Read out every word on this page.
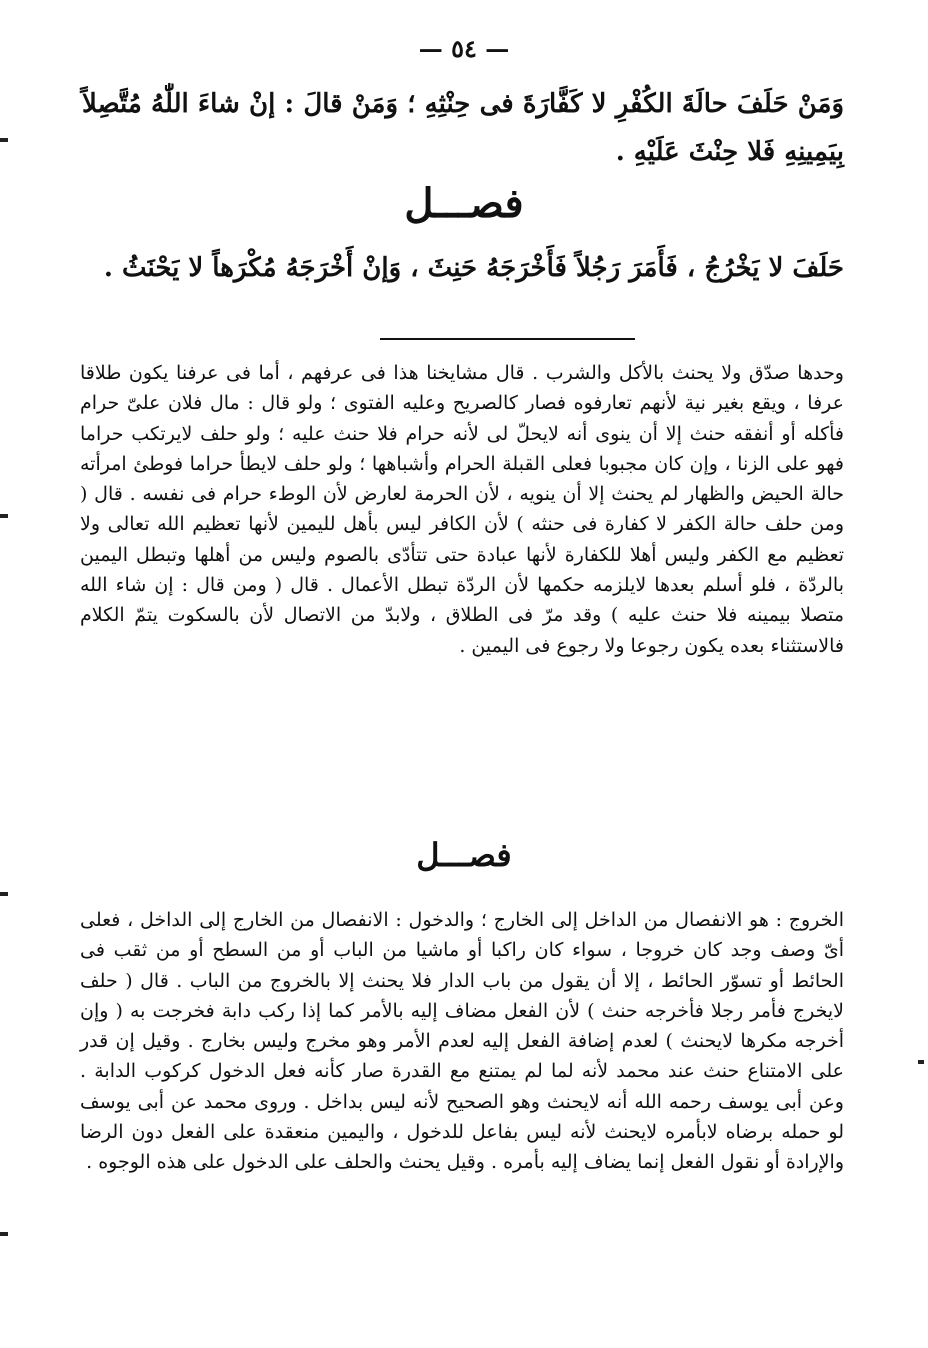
— ٥٤ —

وَمَنْ حَلَفَ حالَةَ الكُفْرِ لا كَفَّارَةَ فى حِنْثِهِ ؛ وَمَنْ قالَ : إنْ شاءَ اللّٰهُ مُتَّصِلاً بِيَمِينِهِ فَلا حِنْثَ عَلَيْهِ .

فصـــل

حَلَفَ لا يَخْرُجُ ، فَأَمَرَ رَجُلاً فَأَخْرَجَهُ حَنِثَ ، وَإنْ أَخْرَجَهُ مُكْرَهاً لا يَحْنَثُ .

وحدها صدّق ولا يحنث بالأكل والشرب . قال مشايخنا هذا فى عرفهم ، أما فى عرفنا يكون طلاقا عرفا ، ويقع بغير نية لأنهم تعارفوه فصار كالصريح وعليه الفتوى ؛ ولو قال : مال فلان علىّ حرام فأكله أو أنفقه حنث إلا أن ينوى أنه لايحلّ لى لأنه حرام فلا حنث عليه ؛ ولو حلف لايرتكب حراما فهو على الزنا ، وإن كان مجبوبا فعلى القبلة الحرام وأشباهها ؛ ولو حلف لايطأ حراما فوطئ امرأته حالة الحيض والظهار لم يحنث إلا أن ينويه ، لأن الحرمة لعارض لأن الوطء حرام فى نفسه . قال ( ومن حلف حالة الكفر لا كفارة فى حنثه ) لأن الكافر ليس بأهل لليمين لأنها تعظيم الله تعالى ولا تعظيم مع الكفر وليس أهلا للكفارة لأنها عبادة حتى تتأدّى بالصوم وليس من أهلها وتبطل اليمين بالردّة ، فلو أسلم بعدها لايلزمه حكمها لأن الردّة تبطل الأعمال . قال ( ومن قال : إن شاء الله متصلا بيمينه فلا حنث عليه ) وقد مرّ فى الطلاق ، ولابدّ من الاتصال لأن بالسكوت يتمّ الكلام فالاستثناء بعده يكون رجوعا ولا رجوع فى اليمين .

فصـــل

الخروج : هو الانفصال من الداخل إلى الخارج ؛ والدخول : الانفصال من الخارج إلى الداخل ، فعلى أىّ وصف وجد كان خروجا ، سواء كان راكبا أو ماشيا من الباب أو من السطح أو من ثقب فى الحائط أو تسوّر الحائط ، إلا أن يقول من باب الدار فلا يحنث إلا بالخروج من الباب . قال ( حلف لايخرج فأمر رجلا فأخرجه حنث ) لأن الفعل مضاف إليه بالأمر كما إذا ركب دابة فخرجت به ( وإن أخرجه مكرها لايحنث ) لعدم إضافة الفعل إليه لعدم الأمر وهو مخرج وليس بخارج . وقيل إن قدر على الامتناع حنث عند محمد لأنه لما لم يمتنع مع القدرة صار كأنه فعل الدخول كركوب الدابة . وعن أبى يوسف رحمه الله أنه لايحنث وهو الصحيح لأنه ليس بداخل . وروى محمد عن أبى يوسف لو حمله برضاه لابأمره لايحنث لأنه ليس بفاعل للدخول ، واليمين منعقدة على الفعل دون الرضا والإرادة أو نقول الفعل إنما يضاف إليه بأمره . وقيل يحنث والحلف على الدخول على هذه الوجوه .
